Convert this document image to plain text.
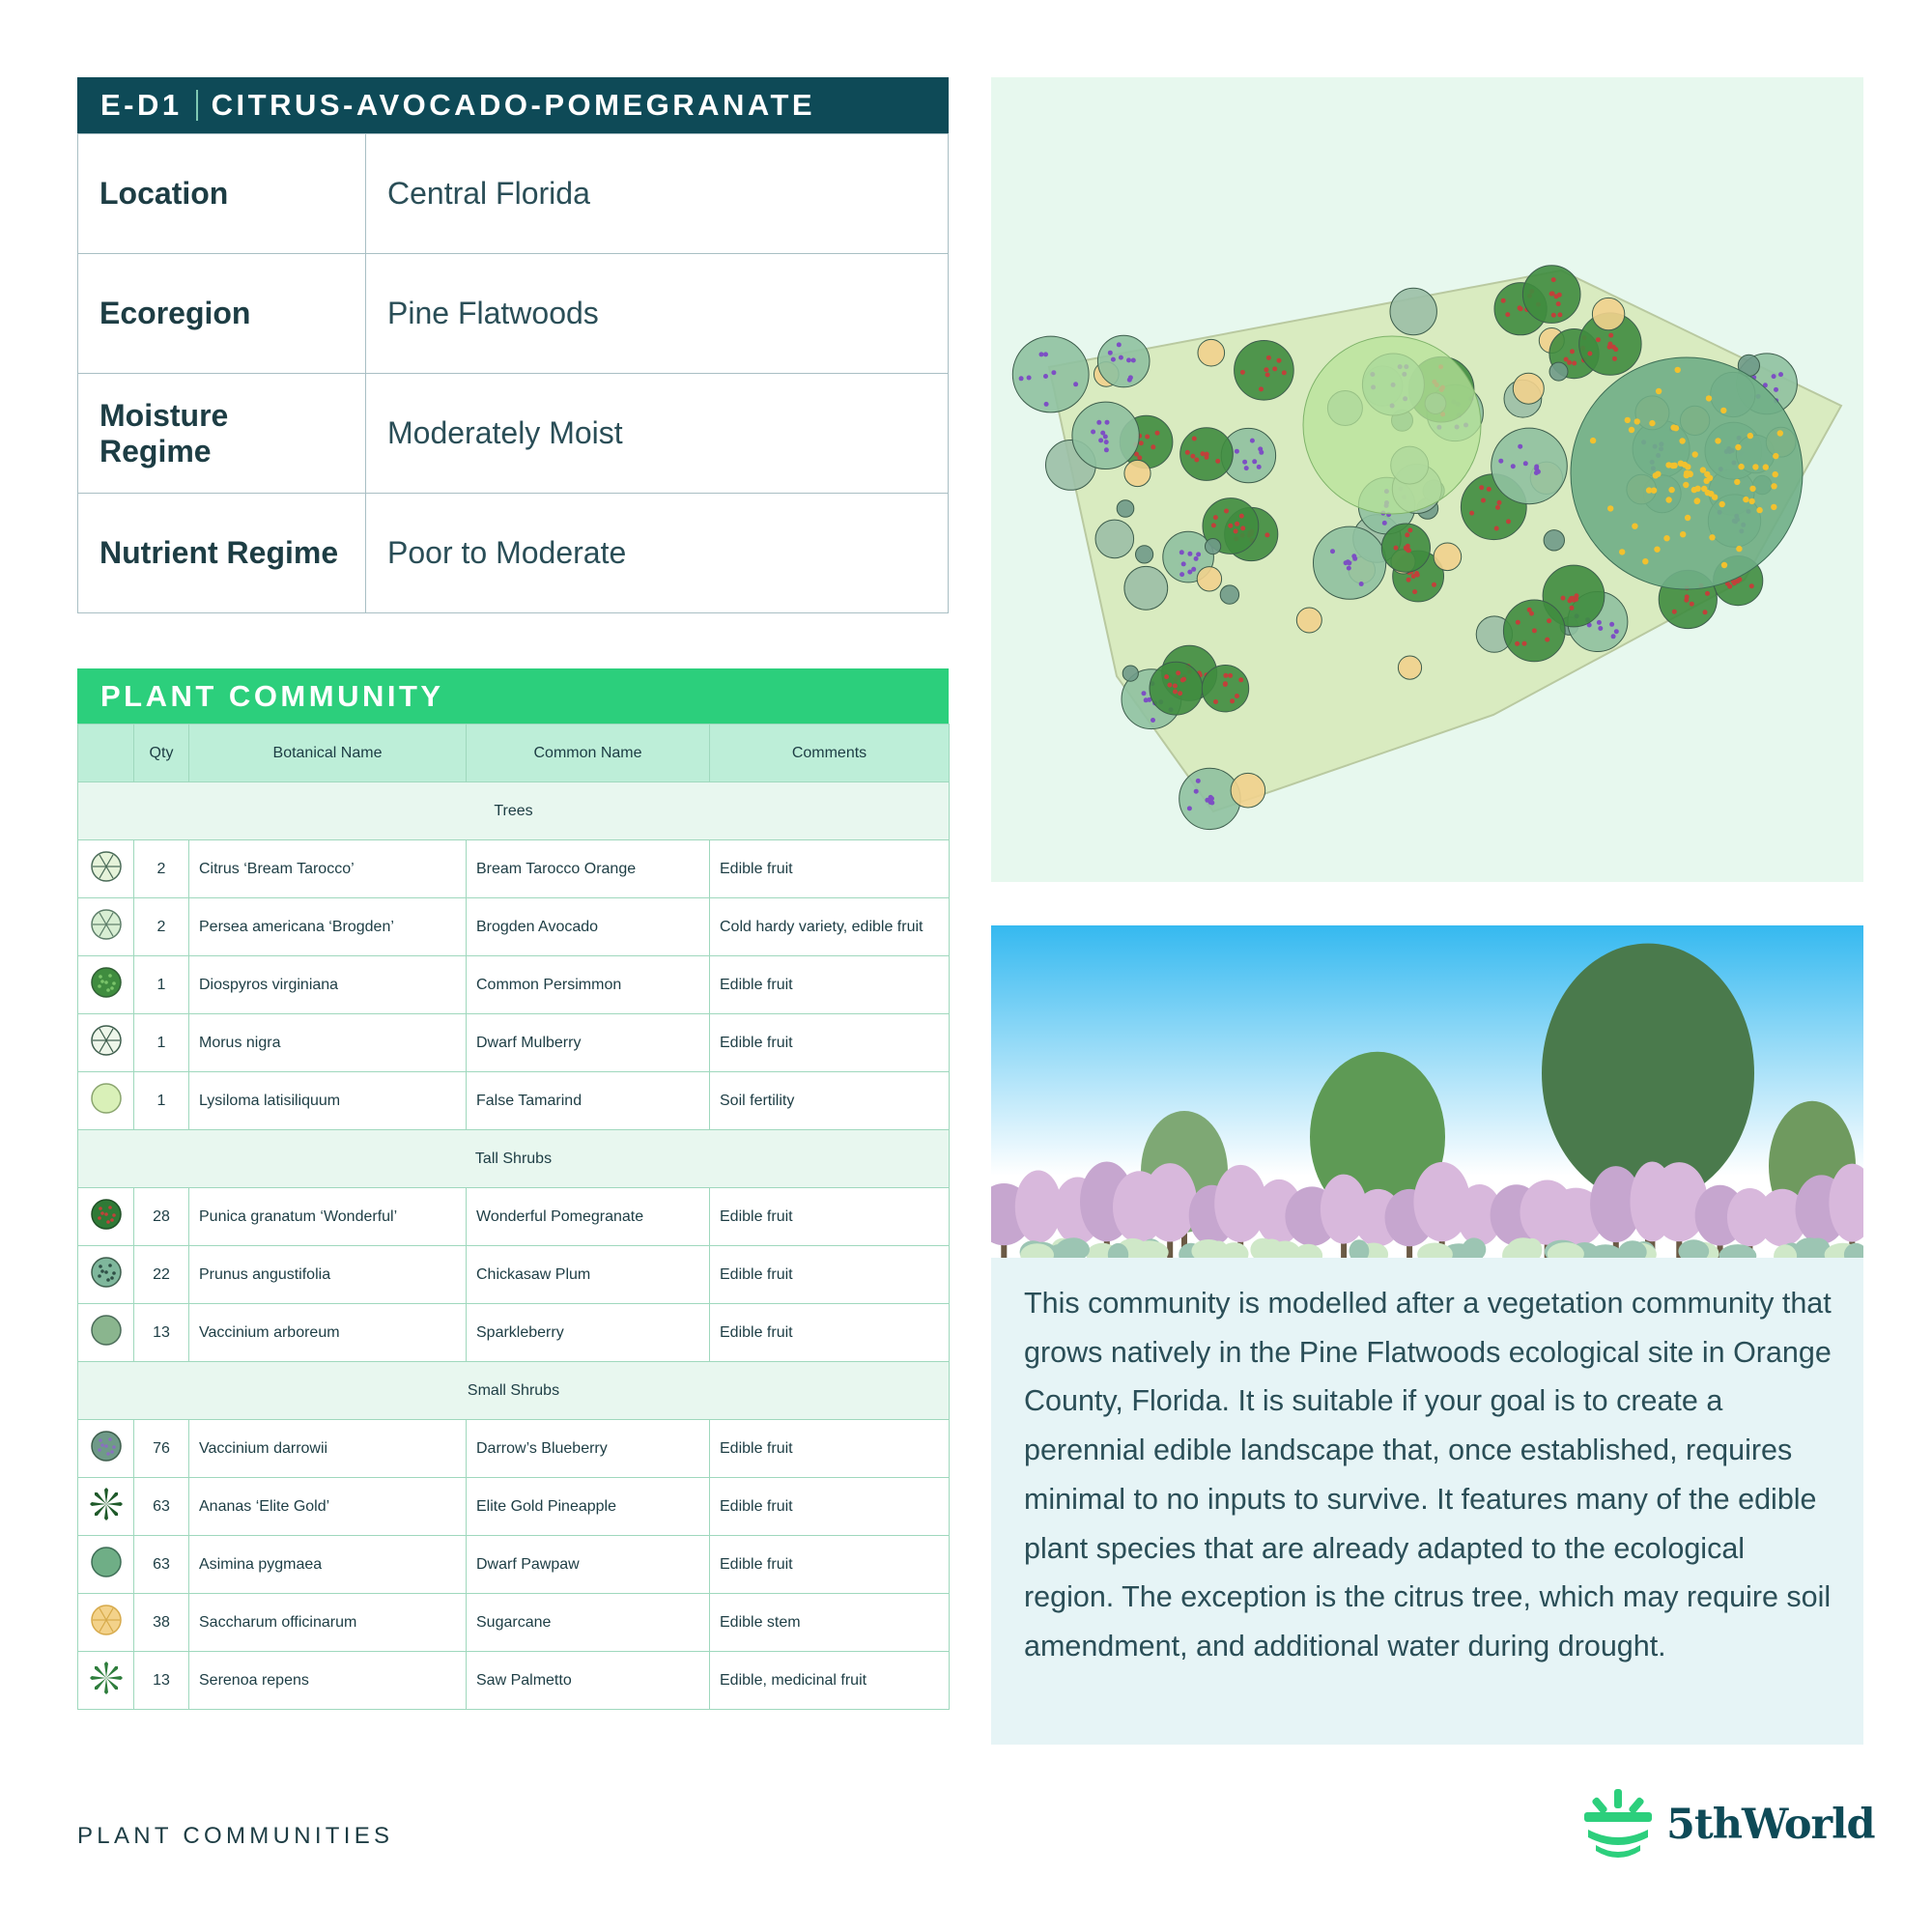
E-D1 CITRUS-AVOCADO-POMEGRANATE
Location	Central Florida
Ecoregion	Pine Flatwoods
Moisture Regime	Moderately Moist
Nutrient Regime	Poor to Moderate
PLANT COMMUNITY
	Qty	Botanical Name	Common Name	Comments
Trees				
	2	Citrus ‘Bream Tarocco’	Bream Tarocco Orange	Edible fruit
	2	Persea americana ‘Brogden’	Brogden Avocado	Cold hardy variety, edible fruit
	1	Diospyros virginiana	Common Persimmon	Edible fruit
	1	Morus nigra	Dwarf Mulberry	Edible fruit
	1	Lysiloma latisiliquum	False Tamarind	Soil fertility
Tall Shrubs				
	28	Punica granatum ‘Wonderful’	Wonderful Pomegranate	Edible fruit
	22	Prunus angustifolia	Chickasaw Plum	Edible fruit
	13	Vaccinium arboreum	Sparkleberry	Edible fruit
Small Shrubs				
	76	Vaccinium darrowii	Darrow’s Blueberry	Edible fruit
	63	Ananas ‘Elite Gold’	Elite Gold Pineapple	Edible fruit
	63	Asimina pygmaea	Dwarf Pawpaw	Edible fruit
	38	Saccharum officinarum	Sugarcane	Edible stem
	13	Serenoa repens	Saw Palmetto	Edible, medicinal fruit

This community is modelled after a vegetation community that grows natively in the Pine Flatwoods ecological site in Orange County, Florida. It is suitable if your goal is to create a perennial edible landscape that, once established, requires minimal to no inputs to survive. It features many of the edible plant species that are already adapted to the ecological region. The exception is the citrus tree, which may require soil amendment, and additional water during drought.

PLANT COMMUNITIES	5thWorld
